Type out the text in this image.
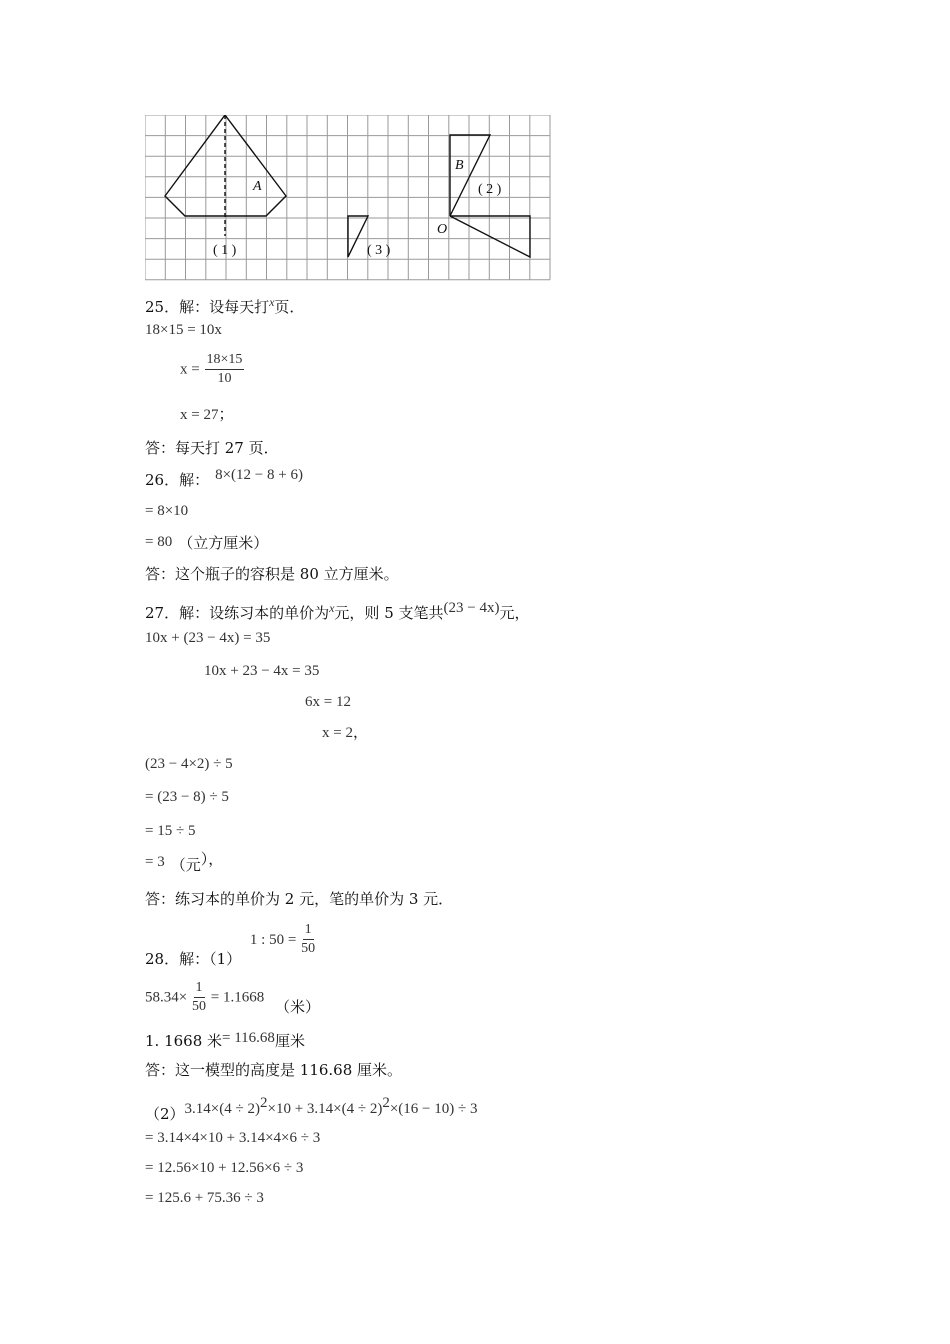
A
B
O
( 1 )
( 2 )
( 3 )
25．解：设每天打$^x$页．
18×15 = 10x
$x = \frac{18\times 15}{10}$
x = 27；
答：每天打 27 页．
26．解： 8×(12 − 8 + 6)
= 8×10
= 80 （立方厘米）
答：这个瓶子的容积是 80 立方厘米。
27．解：设练习本的单价为$^x$元，则 5 支笔共(23 − 4x)元，
10x + (23 − 4x) = 35
10x + 23 − 4x = 35
6x = 12
x = 2，
(23 − 4×2) ÷ 5
= (23 − 8) ÷ 5
= 15 ÷ 5
= 3 （元），
答：练习本的单价为 2 元，笔的单价为 3 元．
28．解：（1） 1 : $50 = \frac{1}{50}$
$58.34\times \frac{1}{50} = 1.1668$ （米）
1. 1668 米= 116.68厘米
答：这一模型的高度是 116.68 厘米。
$(2)3.14\times(4 \div 2)^2\times 10 + 3.14\times(4 \div 2)^2\times(16 - 10) \div 3$
= 3.14×4×10 + 3.14×4×6 ÷ 3
= 12.56×10 + 12.56×6 ÷ 3
= 125.6 + 75.36 ÷ 3
